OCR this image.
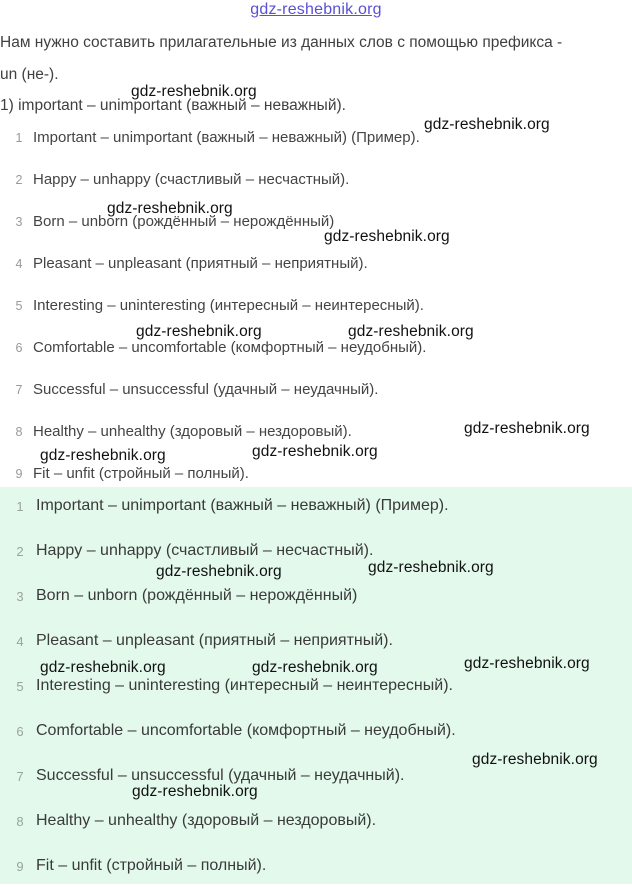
gdz-reshebnik.org
Нам нужно составить прилагательные из данных слов с помощью префикса -
un (не-).
1) important – unimportant (важный – неважный).
1 Important – unimportant (важный – неважный) (Пример).
2 Happy – unhappy (счастливый – несчастный).
3 Born – unborn (рождённый – нерождённый)
4 Pleasant – unpleasant (приятный – неприятный).
5 Interesting – uninteresting (интересный – неинтересный).
6 Comfortable – uncomfortable (комфортный – неудобный).
7 Successful – unsuccessful (удачный – неудачный).
8 Healthy – unhealthy (здоровый – нездоровый).
9 Fit – unfit (стройный – полный).
1 Important – unimportant (важный – неважный) (Пример).
2 Happy – unhappy (счастливый – несчастный).
3 Born – unborn (рождённый – нерождённый)
4 Pleasant – unpleasant (приятный – неприятный).
5 Interesting – uninteresting (интересный – неинтересный).
6 Comfortable – uncomfortable (комфортный – неудобный).
7 Successful – unsuccessful (удачный – неудачный).
8 Healthy – unhealthy (здоровый – нездоровый).
9 Fit – unfit (стройный – полный).
gdz-reshebnik.org
gdz-reshebnik.org
gdz-reshebnik.org
gdz-reshebnik.org
gdz-reshebnik.org	gdz-reshebnik.org
gdz-reshebnik.org
gdz-reshebnik.org	gdz-reshebnik.org
gdz-reshebnik.org	gdz-reshebnik.org
gdz-reshebnik.org	gdz-reshebnik.org	gdz-reshebnik.org
gdz-reshebnik.org
gdz-reshebnik.org
